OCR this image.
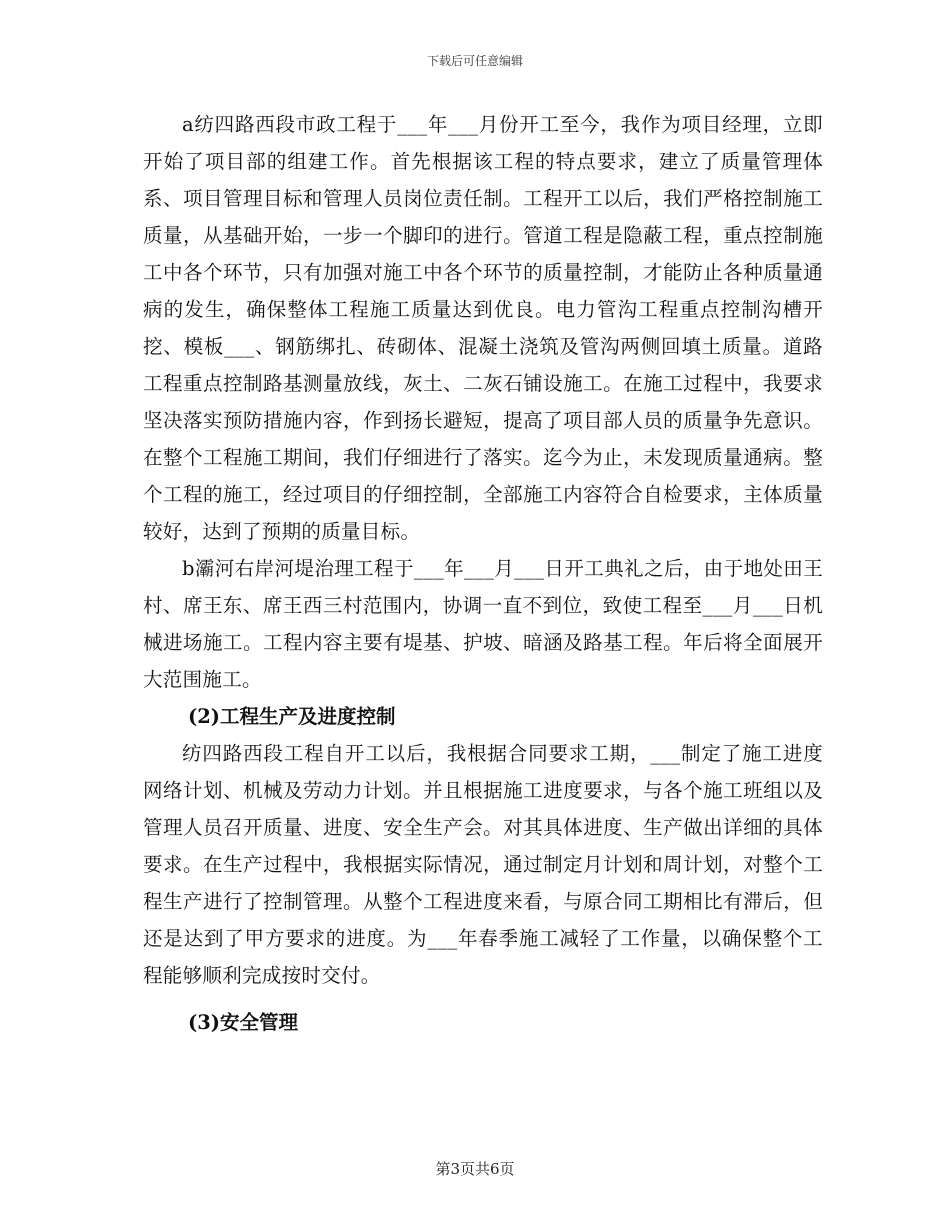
下载后可任意编辑

a纺四路西段市政工程于___年___月份开工至今，我作为项目经理，立即开始了项目部的组建工作。首先根据该工程的特点要求，建立了质量管理体系、项目管理目标和管理人员岗位责任制。工程开工以后，我们严格控制施工质量，从基础开始，一步一个脚印的进行。管道工程是隐蔽工程，重点控制施工中各个环节，只有加强对施工中各个环节的质量控制，才能防止各种质量通病的发生，确保整体工程施工质量达到优良。电力管沟工程重点控制沟槽开挖、模板___、钢筋绑扎、砖砌体、混凝土浇筑及管沟两侧回填土质量。道路工程重点控制路基测量放线，灰土、二灰石铺设施工。在施工过程中，我要求坚决落实预防措施内容，作到扬长避短，提高了项目部人员的质量争先意识。在整个工程施工期间，我们仔细进行了落实。迄今为止，未发现质量通病。整个工程的施工，经过项目的仔细控制，全部施工内容符合自检要求，主体质量较好，达到了预期的质量目标。

b灞河右岸河堤治理工程于___年___月___日开工典礼之后，由于地处田王村、席王东、席王西三村范围内，协调一直不到位，致使工程至___月___日机械进场施工。工程内容主要有堤基、护坡、暗涵及路基工程。年后将全面展开大范围施工。

(2)工程生产及进度控制

纺四路西段工程自开工以后，我根据合同要求工期，___制定了施工进度网络计划、机械及劳动力计划。并且根据施工进度要求，与各个施工班组以及管理人员召开质量、进度、安全生产会。对其具体进度、生产做出详细的具体要求。在生产过程中，我根据实际情况，通过制定月计划和周计划，对整个工程生产进行了控制管理。从整个工程进度来看，与原合同工期相比有滞后，但还是达到了甲方要求的进度。为___年春季施工减轻了工作量，以确保整个工程能够顺利完成按时交付。

(3)安全管理

第3页共6页
